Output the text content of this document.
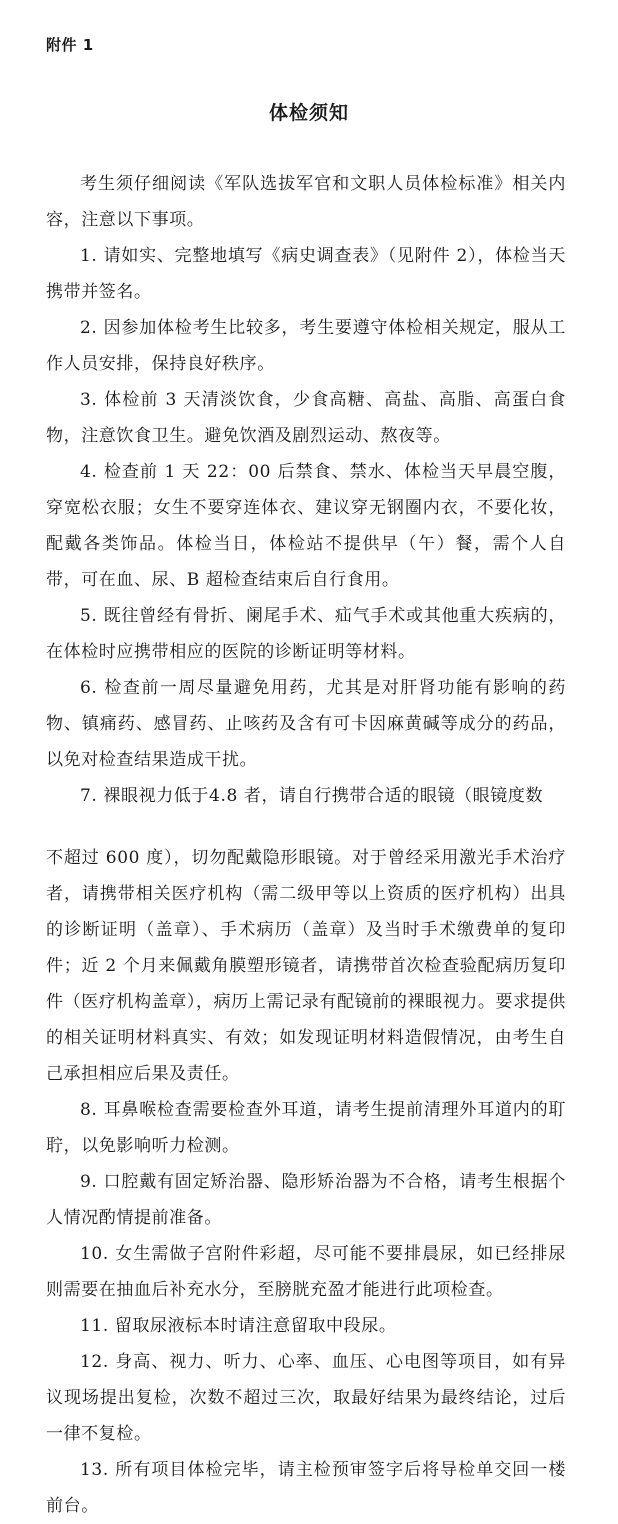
附件 1
体检须知

考生须仔细阅读《军队选拔军官和文职人员体检标准》相关内容，注意以下事项。

1. 请如实、完整地填写《病史调查表》（见附件 2），体检当天携带并签名。

2. 因参加体检考生比较多，考生要遵守体检相关规定，服从工作人员安排，保持良好秩序。

3. 体检前 3 天清淡饮食，少食高糖、高盐、高脂、高蛋白食物，注意饮食卫生。避免饮酒及剧烈运动、熬夜等。

4. 检查前 1 天 22：00 后禁食、禁水、体检当天早晨空腹，穿宽松衣服；女生不要穿连体衣、建议穿无钢圈内衣，不要化妆，配戴各类饰品。体检当日，体检站不提供早（午）餐，需个人自带，可在血、尿、B 超检查结束后自行食用。

5. 既往曾经有骨折、阑尾手术、疝气手术或其他重大疾病的，在体检时应携带相应的医院的诊断证明等材料。

6. 检查前一周尽量避免用药，尤其是对肝肾功能有影响的药物、镇痛药、感冒药、止咳药及含有可卡因麻黄碱等成分的药品，以免对检查结果造成干扰。

7. 裸眼视力低于4.8 者，请自行携带合适的眼镜（眼镜度数

不超过 600 度），切勿配戴隐形眼镜。对于曾经采用激光手术治疗者，请携带相关医疗机构（需二级甲等以上资质的医疗机构）出具的诊断证明（盖章）、手术病历（盖章）及当时手术缴费单的复印件；近 2 个月来佩戴角膜塑形镜者，请携带首次检查验配病历复印件（医疗机构盖章），病历上需记录有配镜前的裸眼视力。要求提供的相关证明材料真实、有效；如发现证明材料造假情况，由考生自己承担相应后果及责任。

8. 耳鼻喉检查需要检查外耳道，请考生提前清理外耳道内的耵聍，以免影响听力检测。

9. 口腔戴有固定矫治器、隐形矫治器为不合格，请考生根据个人情况酌情提前准备。

10. 女生需做子宫附件彩超，尽可能不要排晨尿，如已经排尿则需要在抽血后补充水分，至膀胱充盈才能进行此项检查。

11. 留取尿液标本时请注意留取中段尿。

12. 身高、视力、听力、心率、血压、心电图等项目，如有异议现场提出复检，次数不超过三次，取最好结果为最终结论，过后一律不复检。

13. 所有项目体检完毕，请主检预审签字后将导检单交回一楼前台。
